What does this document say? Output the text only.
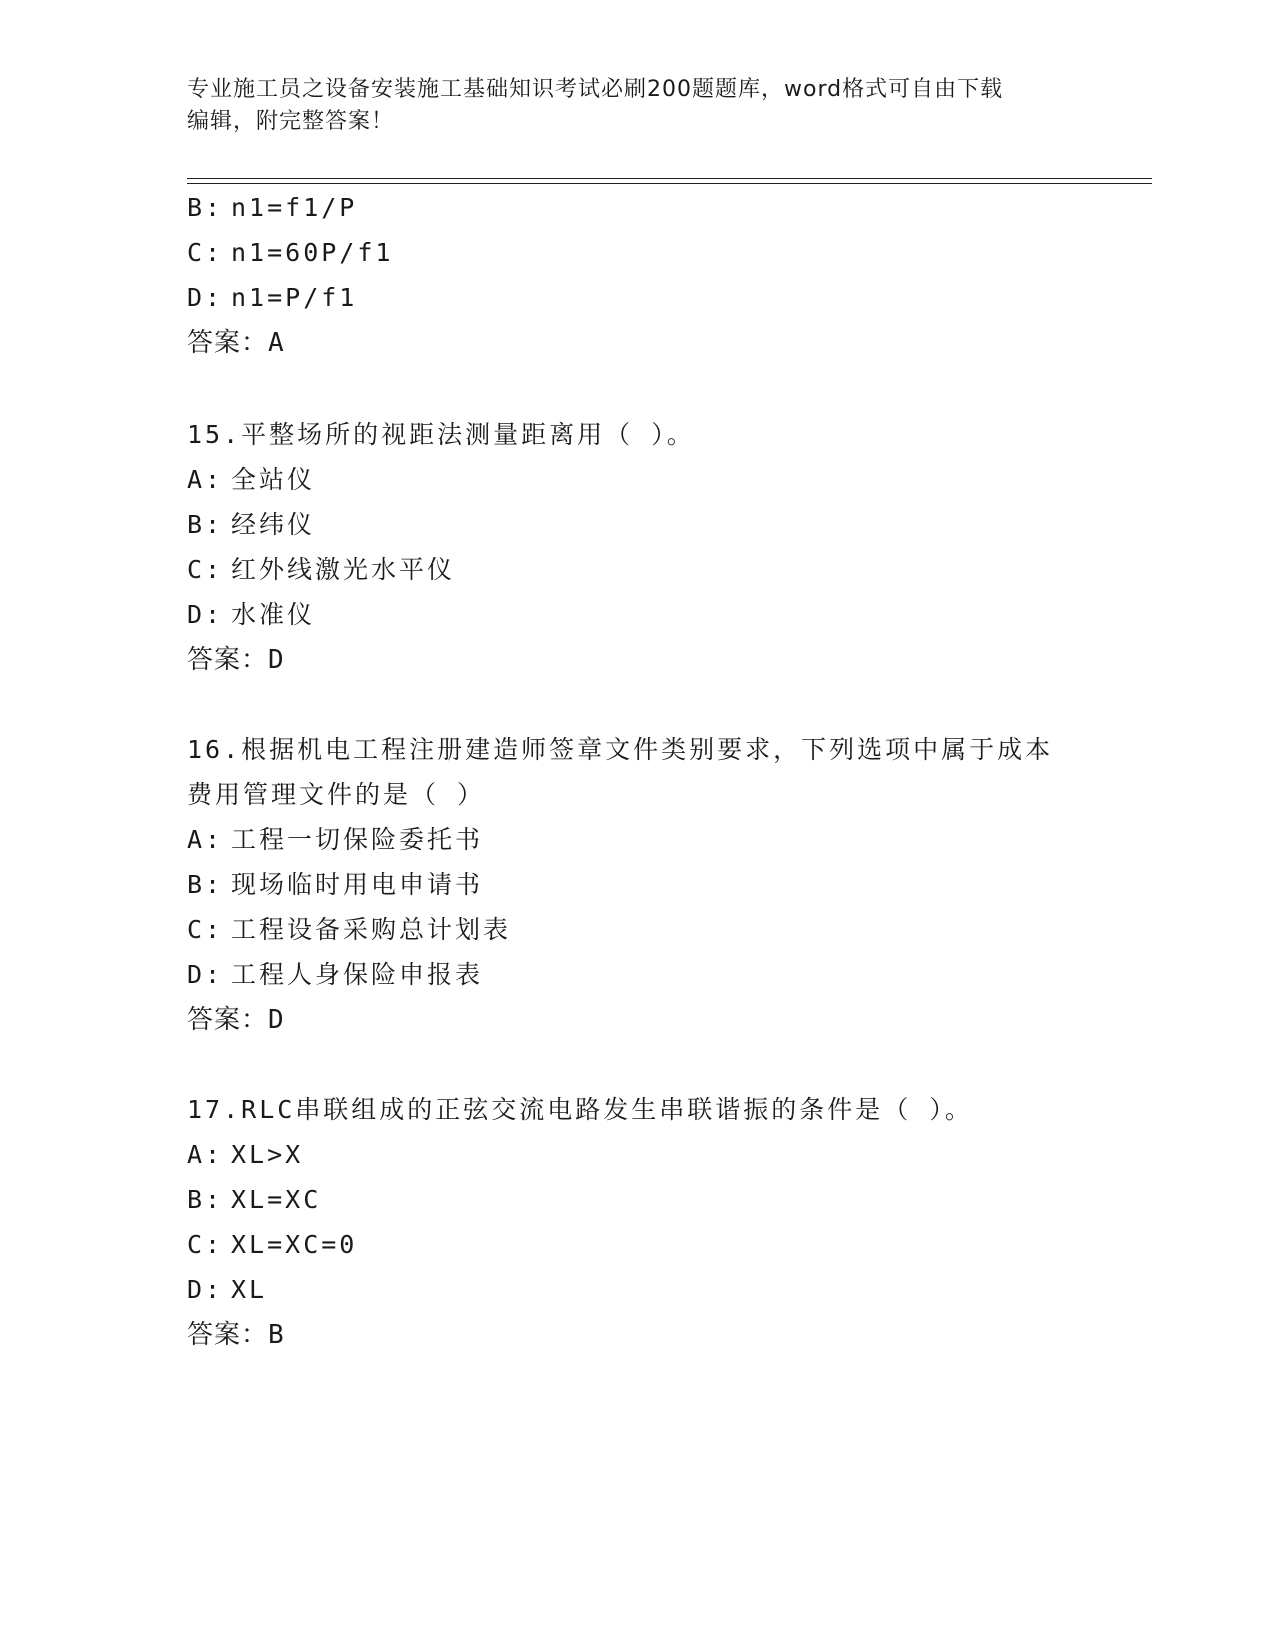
专业施工员之设备安装施工基础知识考试必刷200题题库，word格式可自由下载
编辑，附完整答案！
B: n1=f1/P
C: n1=60P/f1
D: n1=P/f1
答案：A
15.平整场所的视距法测量距离用（ ）。
A: 全站仪
B: 经纬仪
C: 红外线激光水平仪
D: 水准仪
答案：D
16.根据机电工程注册建造师签章文件类别要求，下列选项中属于成本
费用管理文件的是（ ）
A: 工程一切保险委托书
B: 现场临时用电申请书
C: 工程设备采购总计划表
D: 工程人身保险申报表
答案：D
17.RLC串联组成的正弦交流电路发生串联谐振的条件是（ ）。
A: XL>X
B: XL=XC
C: XL=XC=0
D: XL
答案：B
